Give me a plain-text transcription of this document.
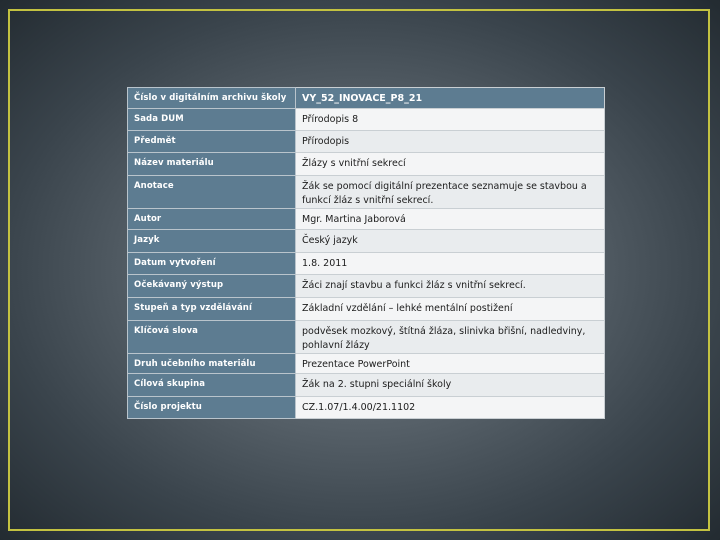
Číslo v digitálním archivu školy	VY_52_INOVACE_P8_21
Sada DUM	Přírodopis 8
Předmět	Přírodopis
Název materiálu	Žlázy s vnitřní sekrecí
Anotace	Žák se pomocí digitální prezentace seznamuje se stavbou a funkcí žláz s vnitřní sekrecí.
Autor	Mgr. Martina Jaborová
Jazyk	Český jazyk
Datum vytvoření	1.8. 2011
Očekávaný výstup	Žáci znají stavbu a funkci žláz s vnitřní sekrecí.
Stupeň a typ vzdělávání	Základní vzdělání – lehké mentální postižení
Klíčová slova	podvěsek mozkový, štítná žláza, slinivka břišní, nadledviny, pohlavní žlázy
Druh učebního materiálu	Prezentace PowerPoint
Cílová skupina	Žák na 2. stupni speciální školy
Číslo projektu	CZ.1.07/1.4.00/21.1102
